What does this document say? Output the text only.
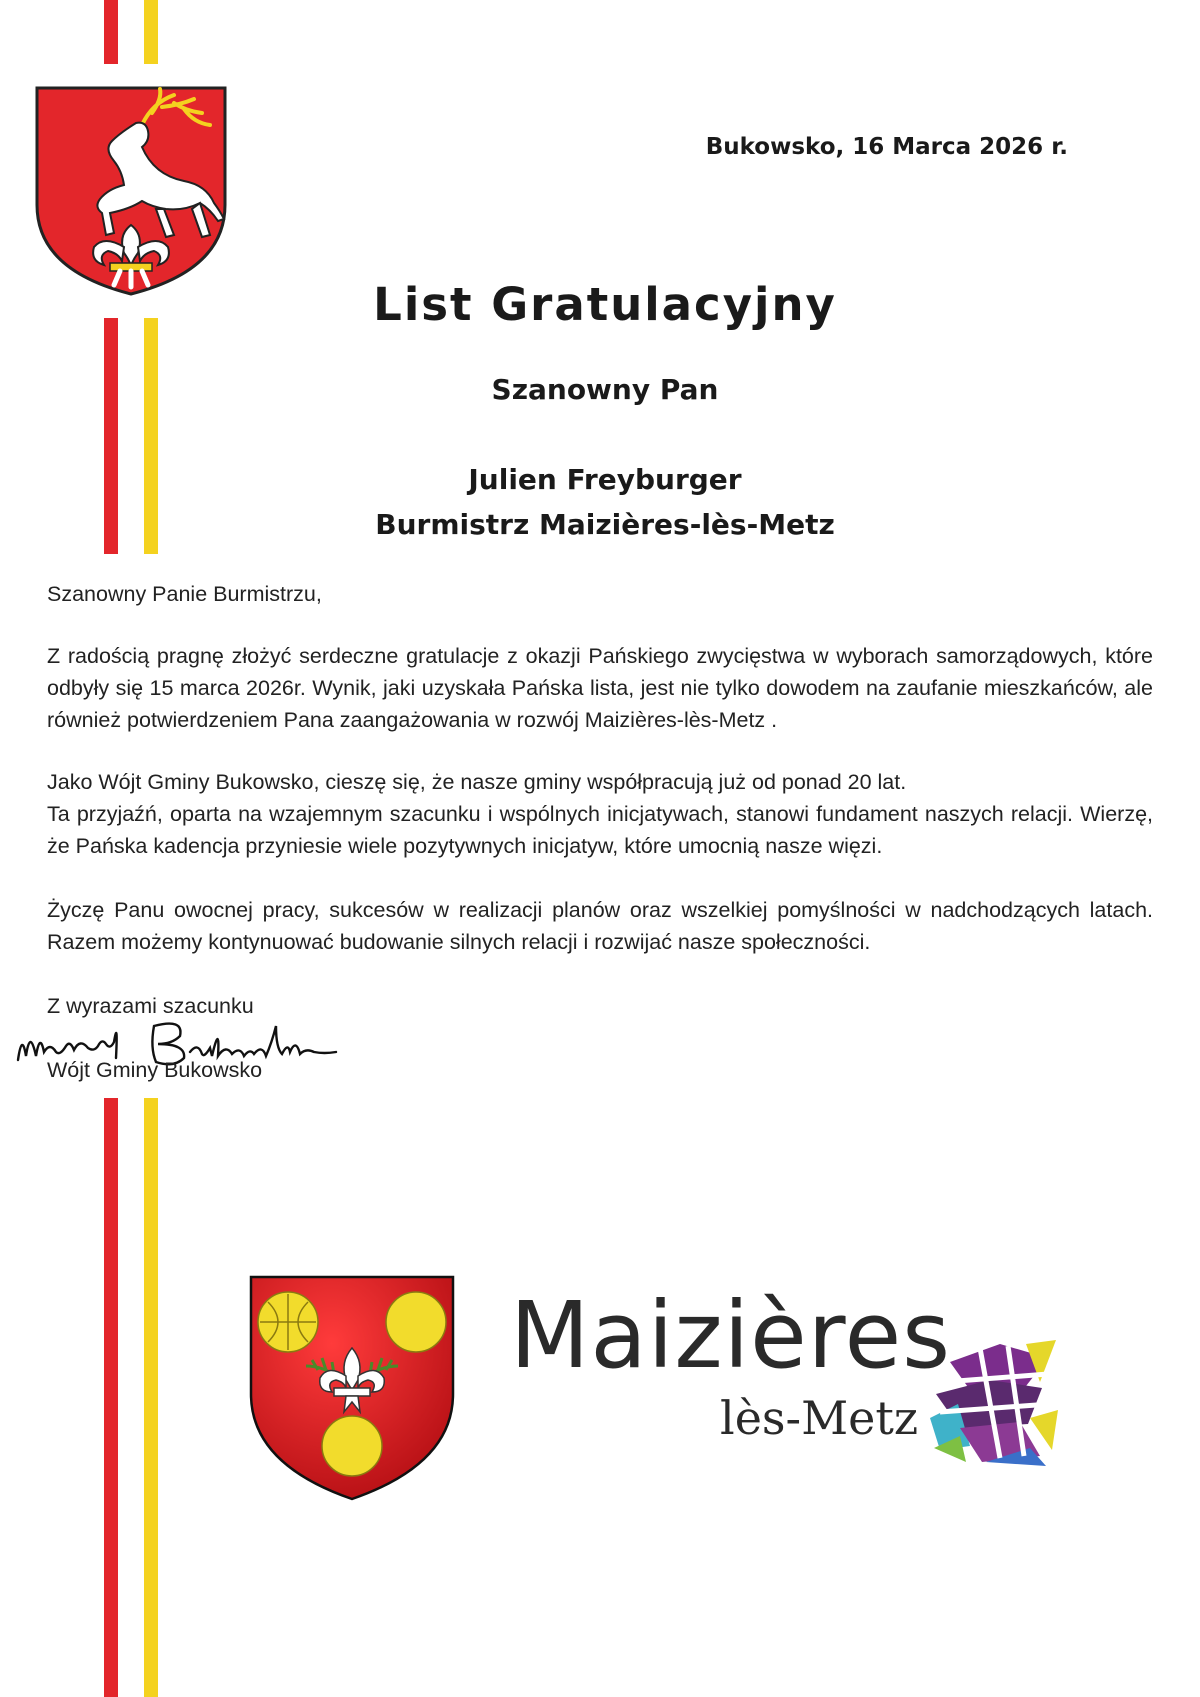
Bukowsko, 16 Marca 2026 r.
List Gratulacyjny
Szanowny Pan
Julien Freyburger
Burmistrz Maizières-lès-Metz

Szanowny Panie Burmistrzu,

Z radością pragnę złożyć serdeczne gratulacje z okazji Pańskiego zwycięstwa w wyborach samorządowych, które odbyły się 15 marca 2026r. Wynik, jaki uzyskała Pańska lista, jest nie tylko dowodem na zaufanie mieszkańców, ale również potwierdzeniem Pana zaangażowania w rozwój Maizières-lès-Metz .

Jako Wójt Gminy Bukowsko, cieszę się, że nasze gminy współpracują już od ponad 20 lat.

Ta przyjaźń, oparta na wzajemnym szacunku i wspólnych inicjatywach, stanowi fundament naszych relacji. Wierzę, że Pańska kadencja przyniesie wiele pozytywnych inicjatyw, które umocnią nasze więzi.

Życzę Panu owocnej pracy, sukcesów w realizacji planów oraz wszelkiej pomyślności w nadchodzących latach. Razem możemy kontynuować budowanie silnych relacji i rozwijać nasze społeczności.

Z wyrazami szacunku

Wójt Gminy Bukowsko

Maizières
lès-Metz
